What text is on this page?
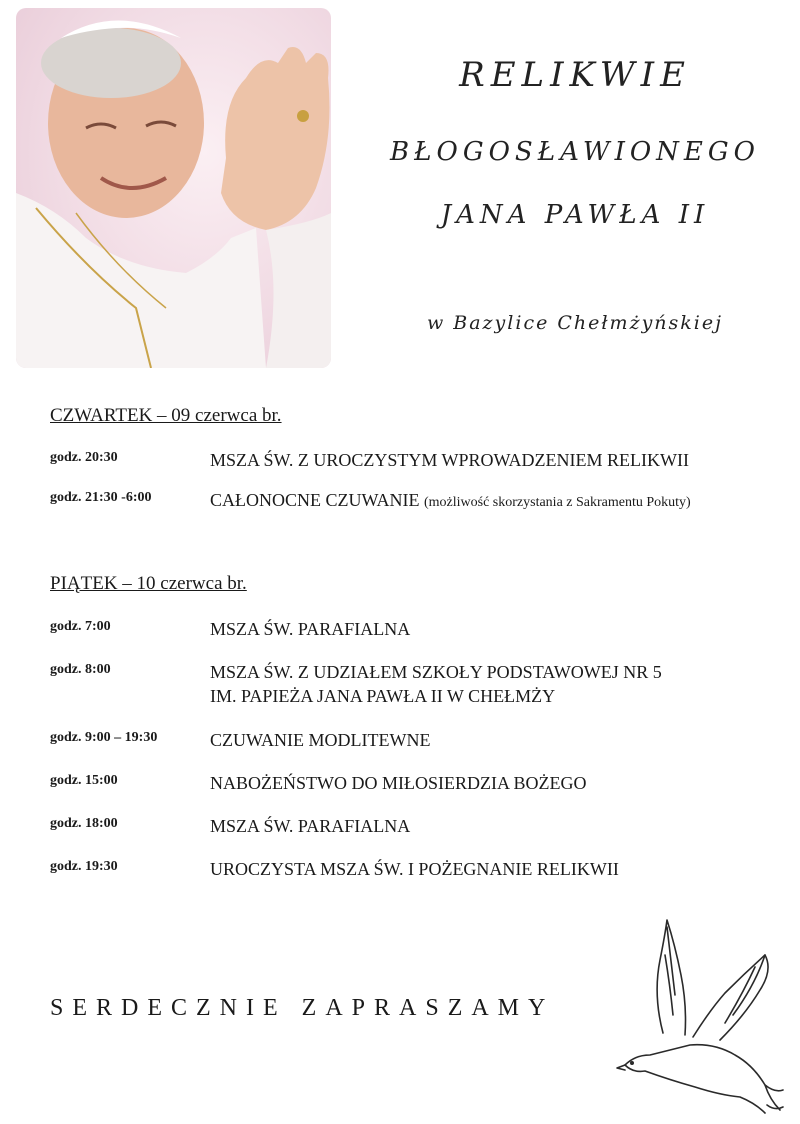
RELIKWIE
BŁOGOSŁAWIONEGO
JANA PAWŁA II
w Bazylice Chełmżyńskiej
CZWARTEK – 09 czerwca br.
godz. 20:30	MSZA ŚW. Z UROCZYSTYM WPROWADZENIEM RELIKWII
godz. 21:30 -6:00	CAŁONOCNE CZUWANIE (możliwość skorzystania z Sakramentu Pokuty)
PIĄTEK – 10 czerwca br.
godz. 7:00	MSZA ŚW. PARAFIALNA
godz. 8:00	MSZA ŚW. Z UDZIAŁEM SZKOŁY PODSTAWOWEJ NR 5
IM. PAPIEŻA JANA PAWŁA II W CHEŁMŻY
godz. 9:00 – 19:30	CZUWANIE MODLITEWNE
godz. 15:00	NABOŻEŃSTWO DO MIŁOSIERDZIA BOŻEGO
godz. 18:00	MSZA ŚW. PARAFIALNA
godz. 19:30	UROCZYSTA MSZA ŚW. I POŻEGNANIE RELIKWII
SERDECZNIE ZAPRASZAMY
